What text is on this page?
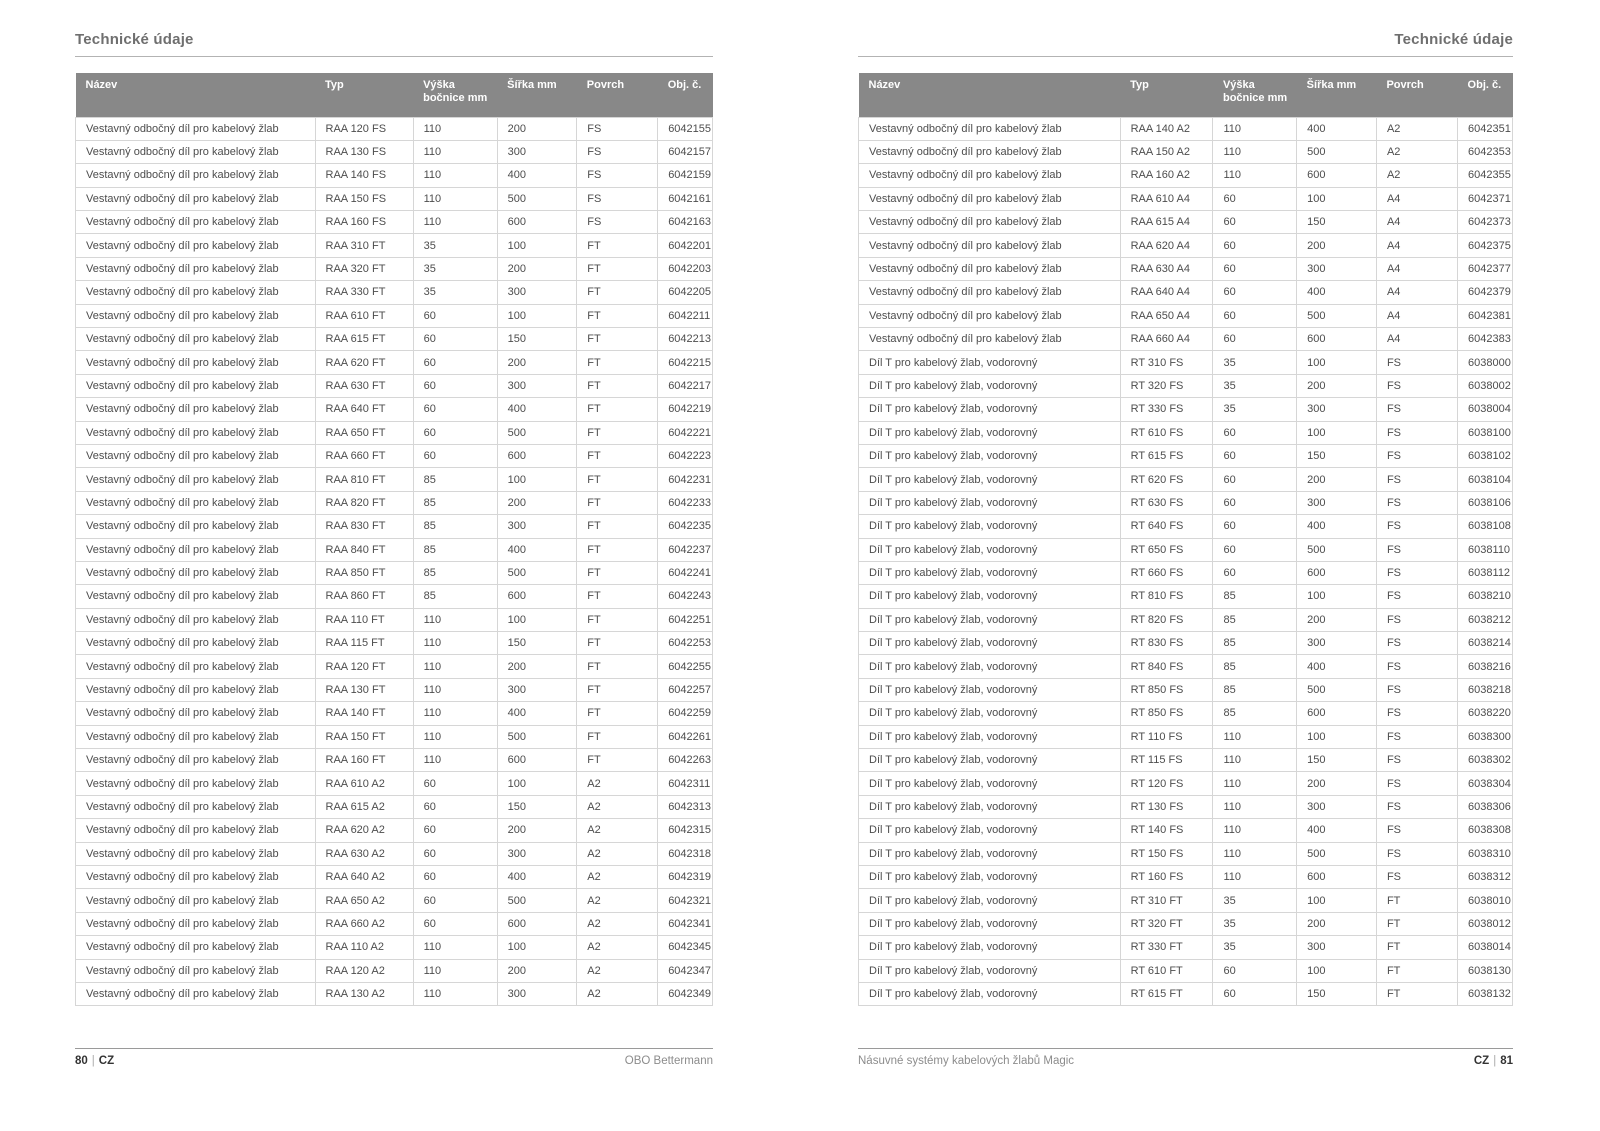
Technické údaje
Název	Typ	Výška bočnice mm	Šířka mm	Povrch	Obj. č.
Vestavný odbočný díl pro kabelový žlab	RAA 120 FS	110	200	FS	6042155
Vestavný odbočný díl pro kabelový žlab	RAA 130 FS	110	300	FS	6042157
Vestavný odbočný díl pro kabelový žlab	RAA 140 FS	110	400	FS	6042159
Vestavný odbočný díl pro kabelový žlab	RAA 150 FS	110	500	FS	6042161
Vestavný odbočný díl pro kabelový žlab	RAA 160 FS	110	600	FS	6042163
Vestavný odbočný díl pro kabelový žlab	RAA 310 FT	35	100	FT	6042201
Vestavný odbočný díl pro kabelový žlab	RAA 320 FT	35	200	FT	6042203
Vestavný odbočný díl pro kabelový žlab	RAA 330 FT	35	300	FT	6042205
Vestavný odbočný díl pro kabelový žlab	RAA 610 FT	60	100	FT	6042211
Vestavný odbočný díl pro kabelový žlab	RAA 615 FT	60	150	FT	6042213
Vestavný odbočný díl pro kabelový žlab	RAA 620 FT	60	200	FT	6042215
Vestavný odbočný díl pro kabelový žlab	RAA 630 FT	60	300	FT	6042217
Vestavný odbočný díl pro kabelový žlab	RAA 640 FT	60	400	FT	6042219
Vestavný odbočný díl pro kabelový žlab	RAA 650 FT	60	500	FT	6042221
Vestavný odbočný díl pro kabelový žlab	RAA 660 FT	60	600	FT	6042223
Vestavný odbočný díl pro kabelový žlab	RAA 810 FT	85	100	FT	6042231
Vestavný odbočný díl pro kabelový žlab	RAA 820 FT	85	200	FT	6042233
Vestavný odbočný díl pro kabelový žlab	RAA 830 FT	85	300	FT	6042235
Vestavný odbočný díl pro kabelový žlab	RAA 840 FT	85	400	FT	6042237
Vestavný odbočný díl pro kabelový žlab	RAA 850 FT	85	500	FT	6042241
Vestavný odbočný díl pro kabelový žlab	RAA 860 FT	85	600	FT	6042243
Vestavný odbočný díl pro kabelový žlab	RAA 110 FT	110	100	FT	6042251
Vestavný odbočný díl pro kabelový žlab	RAA 115 FT	110	150	FT	6042253
Vestavný odbočný díl pro kabelový žlab	RAA 120 FT	110	200	FT	6042255
Vestavný odbočný díl pro kabelový žlab	RAA 130 FT	110	300	FT	6042257
Vestavný odbočný díl pro kabelový žlab	RAA 140 FT	110	400	FT	6042259
Vestavný odbočný díl pro kabelový žlab	RAA 150 FT	110	500	FT	6042261
Vestavný odbočný díl pro kabelový žlab	RAA 160 FT	110	600	FT	6042263
Vestavný odbočný díl pro kabelový žlab	RAA 610 A2	60	100	A2	6042311
Vestavný odbočný díl pro kabelový žlab	RAA 615 A2	60	150	A2	6042313
Vestavný odbočný díl pro kabelový žlab	RAA 620 A2	60	200	A2	6042315
Vestavný odbočný díl pro kabelový žlab	RAA 630 A2	60	300	A2	6042318
Vestavný odbočný díl pro kabelový žlab	RAA 640 A2	60	400	A2	6042319
Vestavný odbočný díl pro kabelový žlab	RAA 650 A2	60	500	A2	6042321
Vestavný odbočný díl pro kabelový žlab	RAA 660 A2	60	600	A2	6042341
Vestavný odbočný díl pro kabelový žlab	RAA 110 A2	110	100	A2	6042345
Vestavný odbočný díl pro kabelový žlab	RAA 120 A2	110	200	A2	6042347
Vestavný odbočný díl pro kabelový žlab	RAA 130 A2	110	300	A2	6042349
Technické údaje
Název	Typ	Výška bočnice mm	Šířka mm	Povrch	Obj. č.
Vestavný odbočný díl pro kabelový žlab	RAA 140 A2	110	400	A2	6042351
Vestavný odbočný díl pro kabelový žlab	RAA 150 A2	110	500	A2	6042353
Vestavný odbočný díl pro kabelový žlab	RAA 160 A2	110	600	A2	6042355
Vestavný odbočný díl pro kabelový žlab	RAA 610 A4	60	100	A4	6042371
Vestavný odbočný díl pro kabelový žlab	RAA 615 A4	60	150	A4	6042373
Vestavný odbočný díl pro kabelový žlab	RAA 620 A4	60	200	A4	6042375
Vestavný odbočný díl pro kabelový žlab	RAA 630 A4	60	300	A4	6042377
Vestavný odbočný díl pro kabelový žlab	RAA 640 A4	60	400	A4	6042379
Vestavný odbočný díl pro kabelový žlab	RAA 650 A4	60	500	A4	6042381
Vestavný odbočný díl pro kabelový žlab	RAA 660 A4	60	600	A4	6042383
Díl T pro kabelový žlab, vodorovný	RT 310 FS	35	100	FS	6038000
Díl T pro kabelový žlab, vodorovný	RT 320 FS	35	200	FS	6038002
Díl T pro kabelový žlab, vodorovný	RT 330 FS	35	300	FS	6038004
Díl T pro kabelový žlab, vodorovný	RT 610 FS	60	100	FS	6038100
Díl T pro kabelový žlab, vodorovný	RT 615 FS	60	150	FS	6038102
Díl T pro kabelový žlab, vodorovný	RT 620 FS	60	200	FS	6038104
Díl T pro kabelový žlab, vodorovný	RT 630 FS	60	300	FS	6038106
Díl T pro kabelový žlab, vodorovný	RT 640 FS	60	400	FS	6038108
Díl T pro kabelový žlab, vodorovný	RT 650 FS	60	500	FS	6038110
Díl T pro kabelový žlab, vodorovný	RT 660 FS	60	600	FS	6038112
Díl T pro kabelový žlab, vodorovný	RT 810 FS	85	100	FS	6038210
Díl T pro kabelový žlab, vodorovný	RT 820 FS	85	200	FS	6038212
Díl T pro kabelový žlab, vodorovný	RT 830 FS	85	300	FS	6038214
Díl T pro kabelový žlab, vodorovný	RT 840 FS	85	400	FS	6038216
Díl T pro kabelový žlab, vodorovný	RT 850 FS	85	500	FS	6038218
Díl T pro kabelový žlab, vodorovný	RT 850 FS	85	600	FS	6038220
Díl T pro kabelový žlab, vodorovný	RT 110 FS	110	100	FS	6038300
Díl T pro kabelový žlab, vodorovný	RT 115 FS	110	150	FS	6038302
Díl T pro kabelový žlab, vodorovný	RT 120 FS	110	200	FS	6038304
Díl T pro kabelový žlab, vodorovný	RT 130 FS	110	300	FS	6038306
Díl T pro kabelový žlab, vodorovný	RT 140 FS	110	400	FS	6038308
Díl T pro kabelový žlab, vodorovný	RT 150 FS	110	500	FS	6038310
Díl T pro kabelový žlab, vodorovný	RT 160 FS	110	600	FS	6038312
Díl T pro kabelový žlab, vodorovný	RT 310 FT	35	100	FT	6038010
Díl T pro kabelový žlab, vodorovný	RT 320 FT	35	200	FT	6038012
Díl T pro kabelový žlab, vodorovný	RT 330 FT	35	300	FT	6038014
Díl T pro kabelový žlab, vodorovný	RT 610 FT	60	100	FT	6038130
Díl T pro kabelový žlab, vodorovný	RT 615 FT	60	150	FT	6038132
80 | CZ	OBO Bettermann	Násuvné systémy kabelových žlabů Magic	CZ | 81
